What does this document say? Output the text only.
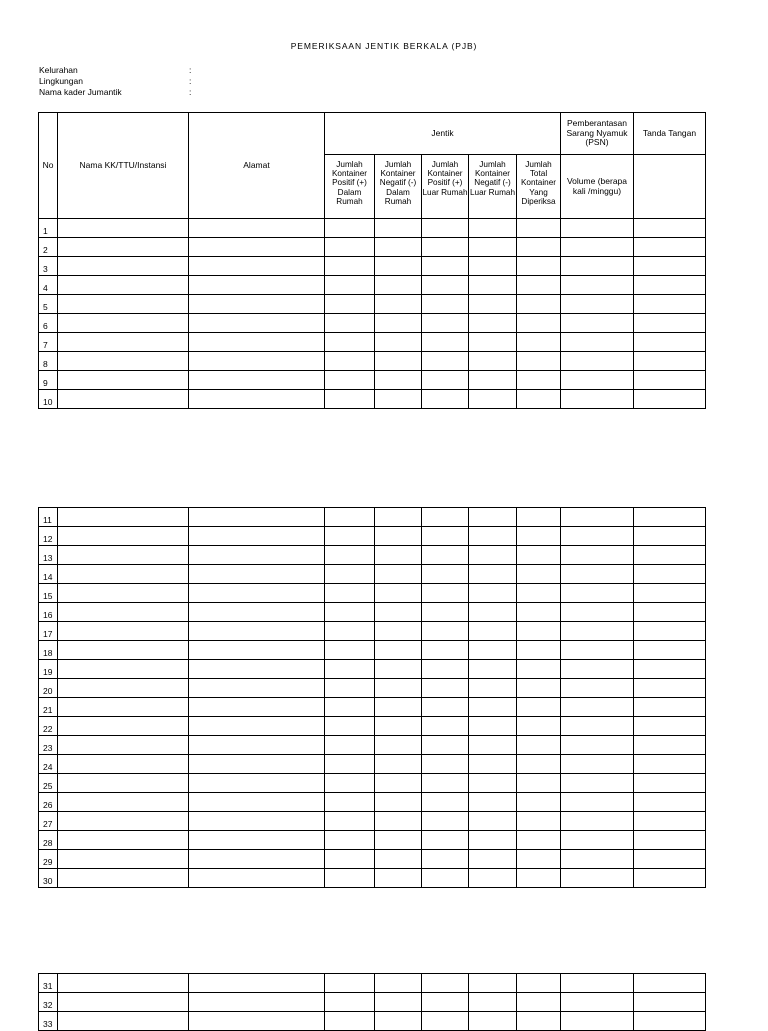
PEMERIKSAAN JENTIK BERKALA (PJB)
Kelurahan	:
Lingkungan	:
Nama kader Jumantik	:
No	Nama KK/TTU/Instansi	Alamat	Jentik					Pemberantasan Sarang Nyamuk (PSN)	Tanda Tangan
			Jumlah Kontainer Positif (+) Dalam Rumah	Jumlah Kontainer Negatif (-) Dalam Rumah	Jumlah Kontainer Positif (+) Luar Rumah	Jumlah Kontainer Negatif (-) Luar Rumah	Jumlah Total Kontainer Yang Diperiksa	Volume (berapa kali /minggu)	
1									
2									
3									
4									
5									
6									
7									
8									
9									
10									
11									
12									
13									
14									
15									
16									
17									
18									
19									
20									
21									
22									
23									
24									
25									
26									
27									
28									
29									
30									
31									
32									
33									
